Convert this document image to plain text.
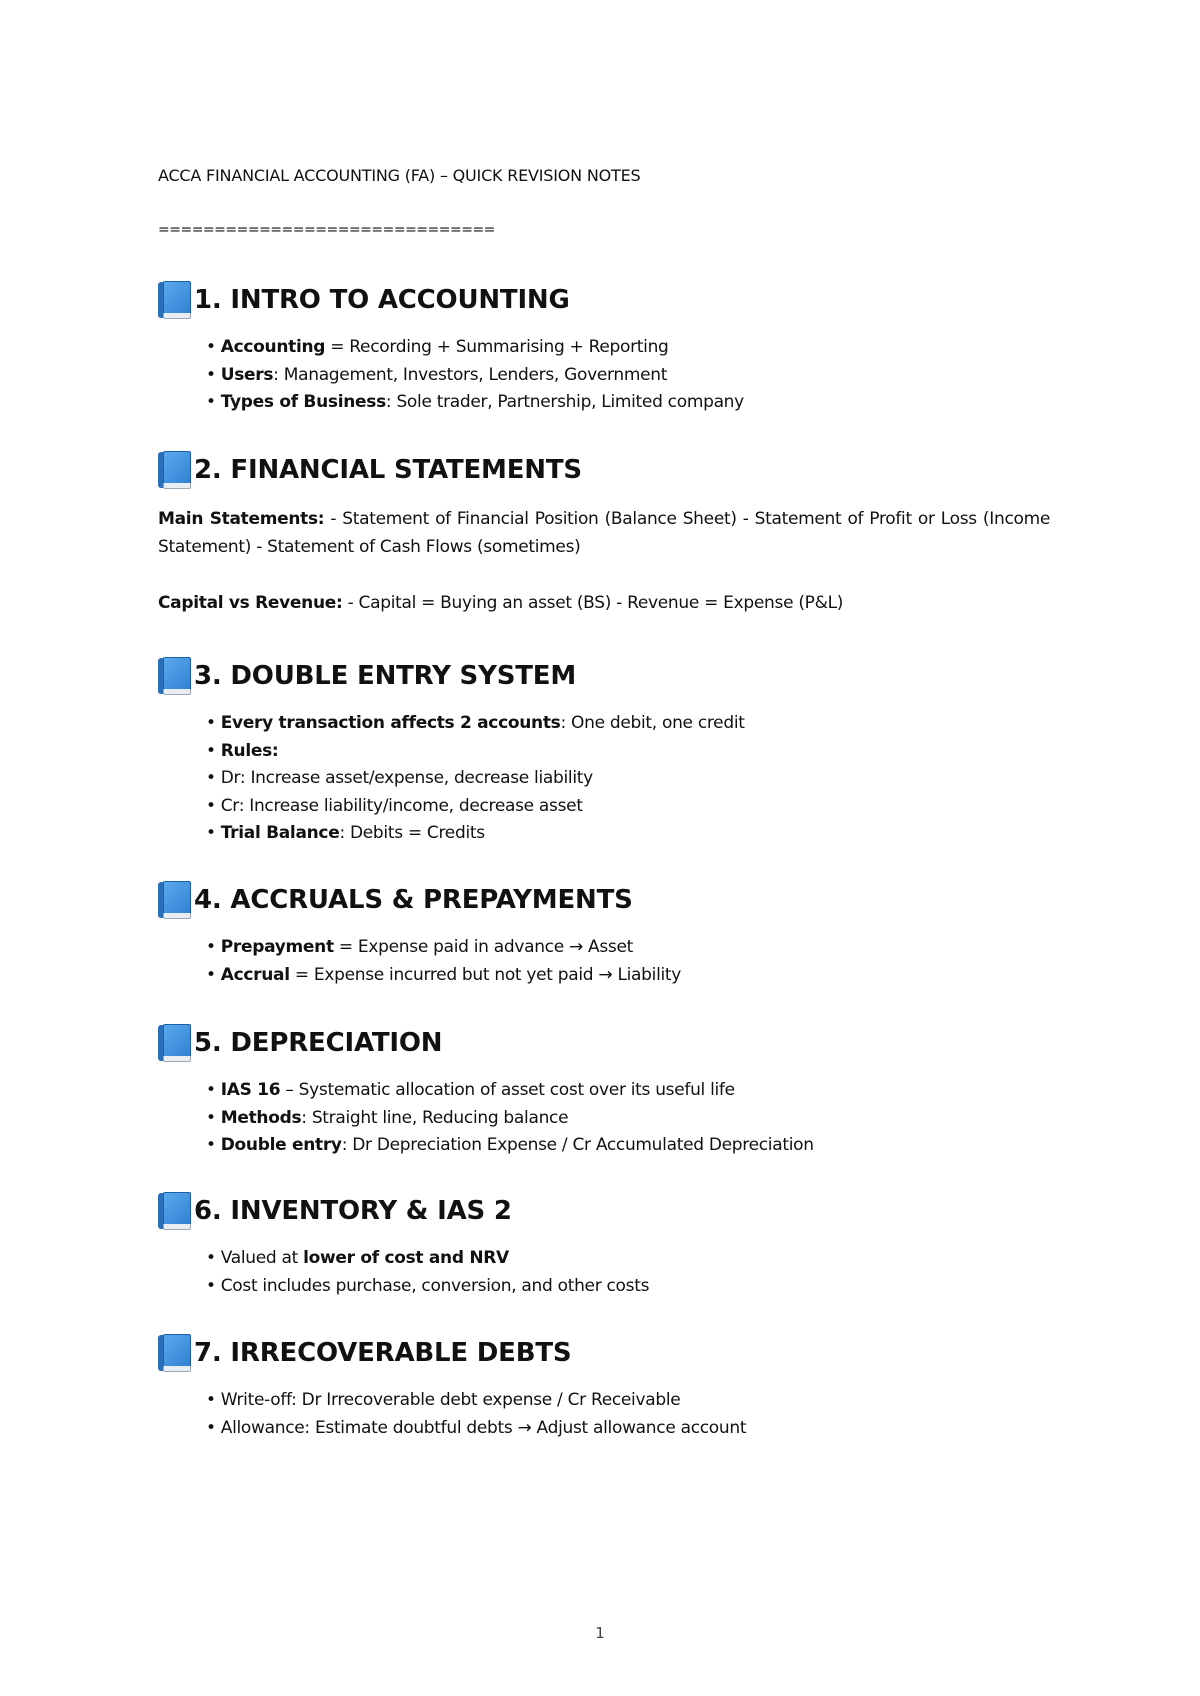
ACCA FINANCIAL ACCOUNTING (FA) – QUICK REVISION NOTES
==============================
1. INTRO TO ACCOUNTING
• Accounting = Recording + Summarising + Reporting
• Users: Management, Investors, Lenders, Government
• Types of Business: Sole trader, Partnership, Limited company
2. FINANCIAL STATEMENTS
Main Statements: - Statement of Financial Position (Balance Sheet) - Statement of Profit or Loss (Income Statement) - Statement of Cash Flows (sometimes)
Capital vs Revenue: - Capital = Buying an asset (BS) - Revenue = Expense (P&L)
3. DOUBLE ENTRY SYSTEM
• Every transaction affects 2 accounts: One debit, one credit
• Rules:
• Dr: Increase asset/expense, decrease liability
• Cr: Increase liability/income, decrease asset
• Trial Balance: Debits = Credits
4. ACCRUALS & PREPAYMENTS
• Prepayment = Expense paid in advance → Asset
• Accrual = Expense incurred but not yet paid → Liability
5. DEPRECIATION
• IAS 16 – Systematic allocation of asset cost over its useful life
• Methods: Straight line, Reducing balance
• Double entry: Dr Depreciation Expense / Cr Accumulated Depreciation
6. INVENTORY & IAS 2
• Valued at lower of cost and NRV
• Cost includes purchase, conversion, and other costs
7. IRRECOVERABLE DEBTS
• Write-off: Dr Irrecoverable debt expense / Cr Receivable
• Allowance: Estimate doubtful debts → Adjust allowance account
1
